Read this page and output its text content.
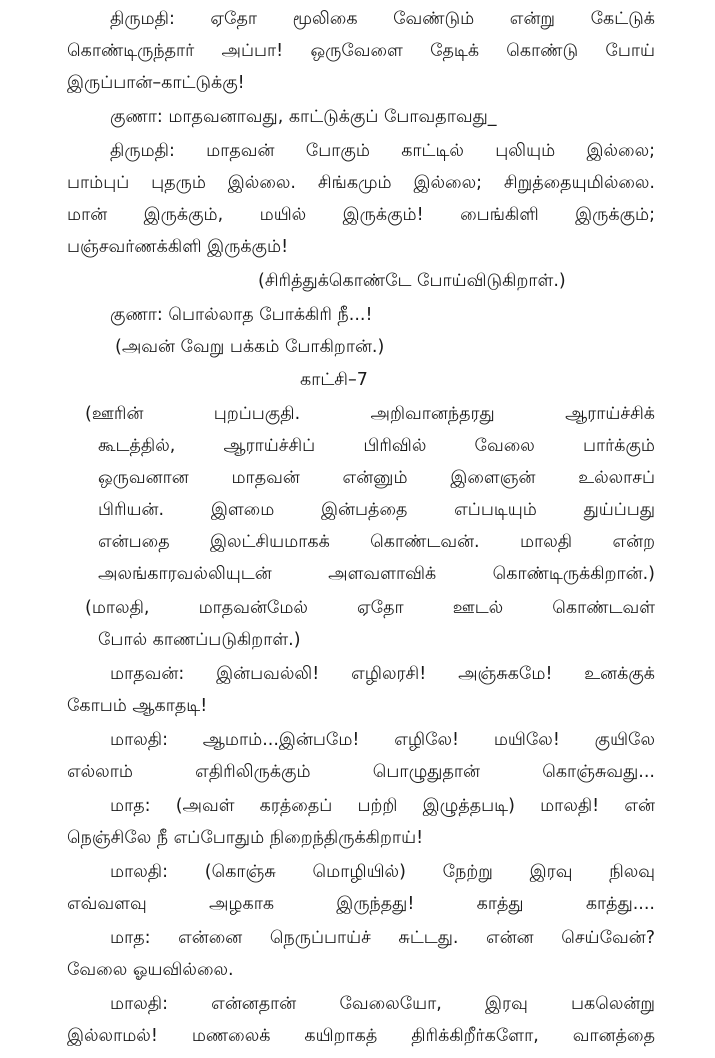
திருமதி: ஏதோ மூலிகை வேண்டும் என்று கேட்டுக்
கொண்டிருந்தார் அப்பா! ஒருவேளை தேடிக் கொண்டு போய்
இருப்பான்–காட்டுக்கு!
குணா: மாதவனாவது, காட்டுக்குப் போவதாவது_
திருமதி: மாதவன் போகும் காட்டில் புலியும் இல்லை;
பாம்புப் புதரும் இல்லை. சிங்கமும் இல்லை; சிறுத்தையுமில்லை.
மான் இருக்கும், மயில் இருக்கும்! பைங்கிளி இருக்கும்;
பஞ்சவர்ணக்கிளி இருக்கும்!
(சிரித்துக்கொண்டே போய்விடுகிறாள்.)
குணா: பொல்லாத போக்கிரி நீ...!
(அவன் வேறு பக்கம் போகிறான்.)
காட்சி–7
(ஊரின் புறப்பகுதி. அறிவானந்தரது ஆராய்ச்சிக்
கூடத்தில், ஆராய்ச்சிப் பிரிவில் வேலை பார்க்கும்
ஒருவனான மாதவன் என்னும் இளைஞன் உல்லாசப்
பிரியன். இளமை இன்பத்தை எப்படியும் துய்ப்பது
என்பதை இலட்சியமாகக் கொண்டவன். மாலதி என்ற
அலங்காரவல்லியுடன் அளவளாவிக் கொண்டிருக்கிறான்.)
(மாலதி, மாதவன்மேல் ஏதோ ஊடல் கொண்டவள்
போல் காணப்படுகிறாள்.)
மாதவன்: இன்பவல்லி! எழிலரசி! அஞ்சுகமே! உனக்குக்
கோபம் ஆகாதடி!
மாலதி: ஆமாம்...இன்பமே! எழிலே! மயிலே! குயிலே
எல்லாம் எதிரிலிருக்கும் பொழுதுதான் கொஞ்சுவது...
மாத: (அவள் கரத்தைப் பற்றி இழுத்தபடி) மாலதி! என்
நெஞ்சிலே நீ எப்போதும் நிறைந்திருக்கிறாய்!
மாலதி: (கொஞ்சு மொழியில்) நேற்று இரவு நிலவு
எவ்வளவு அழகாக இருந்தது! காத்து காத்து....
மாத: என்னை நெருப்பாய்ச் சுட்டது. என்ன செய்வேன்?
வேலை ஓயவில்லை.
மாலதி: என்னதான் வேலையோ, இரவு பகலென்று
இல்லாமல்! மணலைக் கயிறாகத் திரிக்கிறீர்களோ, வானத்தை
